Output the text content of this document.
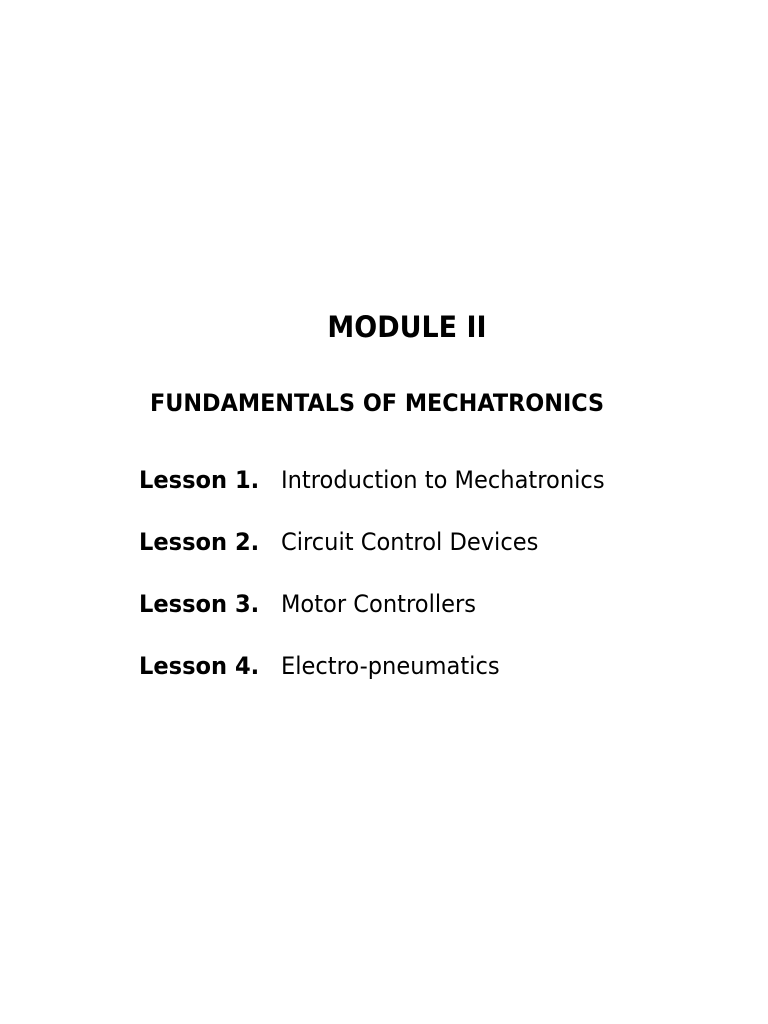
MODULE II
FUNDAMENTALS OF MECHATRONICS
Lesson 1. Introduction to Mechatronics
Lesson 2. Circuit Control Devices
Lesson 3. Motor Controllers
Lesson 4. Electro-pneumatics
